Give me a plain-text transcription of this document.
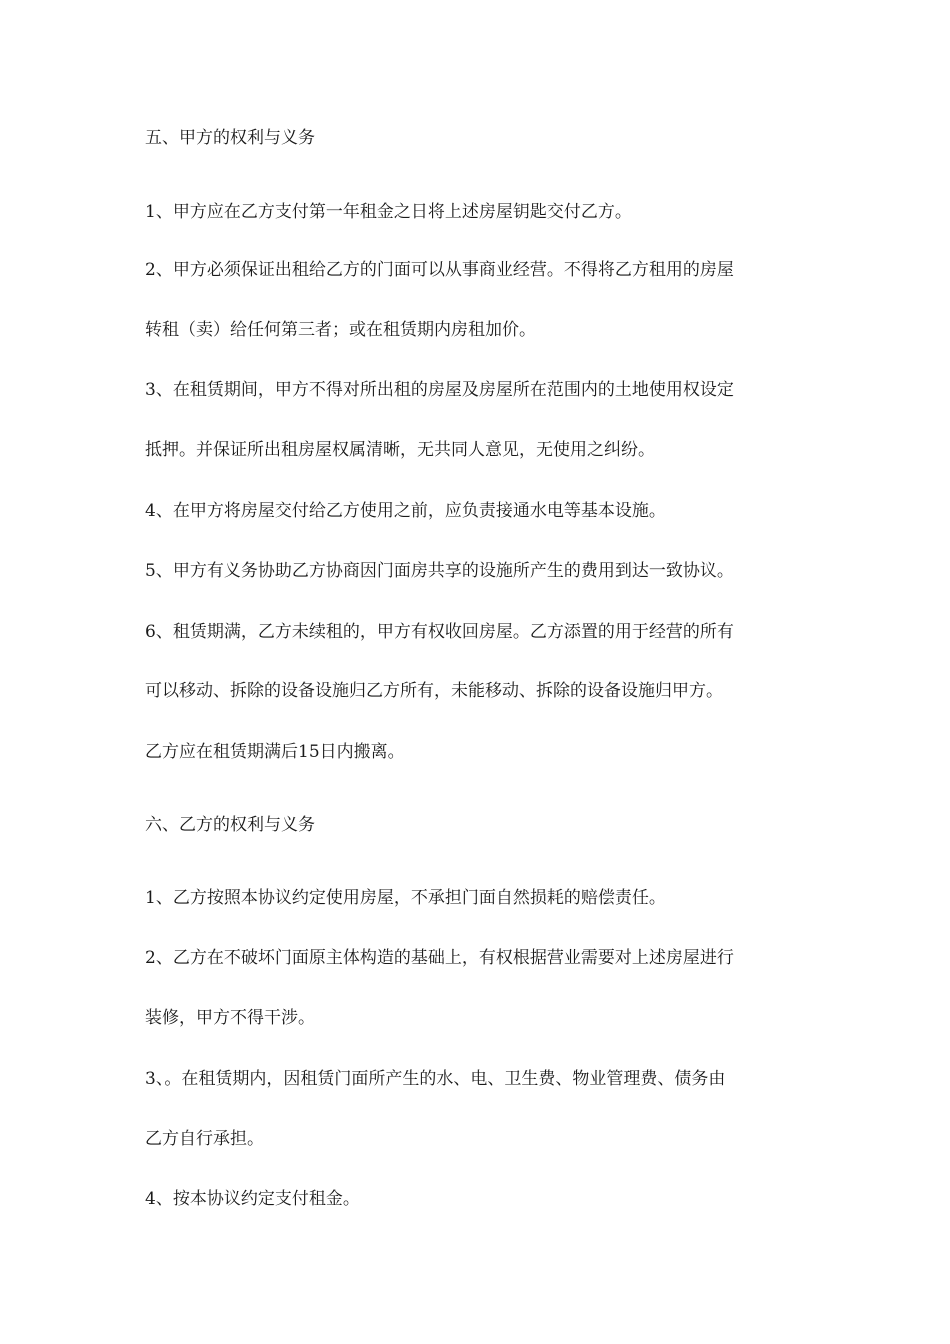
五、甲方的权利与义务

1、甲方应在乙方支付第一年租金之日将上述房屋钥匙交付乙方。

2、甲方必须保证出租给乙方的门面可以从事商业经营。不得将乙方租用的房屋

转租（卖）给任何第三者；或在租赁期内房租加价。

3、在租赁期间，甲方不得对所出租的房屋及房屋所在范围内的土地使用权设定

抵押。并保证所出租房屋权属清晰，无共同人意见，无使用之纠纷。

4、在甲方将房屋交付给乙方使用之前，应负责接通水电等基本设施。

5、甲方有义务协助乙方协商因门面房共享的设施所产生的费用到达一致协议。

6、租赁期满，乙方未续租的，甲方有权收回房屋。乙方添置的用于经营的所有

可以移动、拆除的设备设施归乙方所有，未能移动、拆除的设备设施归甲方。

乙方应在租赁期满后15日内搬离。

六、乙方的权利与义务

1、乙方按照本协议约定使用房屋，不承担门面自然损耗的赔偿责任。

2、乙方在不破坏门面原主体构造的基础上，有权根据营业需要对上述房屋进行

装修，甲方不得干涉。

3、。在租赁期内，因租赁门面所产生的水、电、卫生费、物业管理费、债务由

乙方自行承担。

4、按本协议约定支付租金。
